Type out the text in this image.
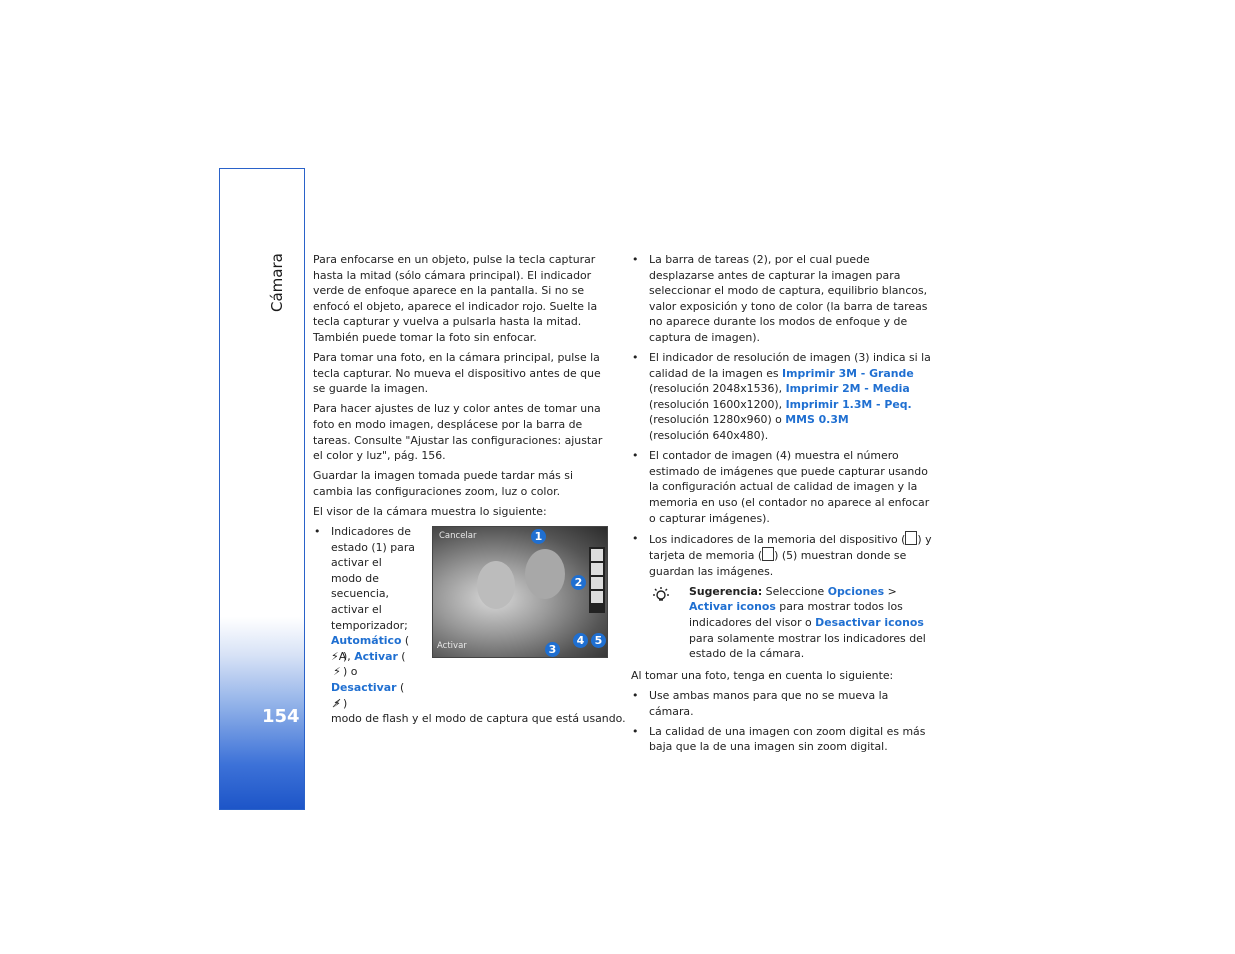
Cámara
154

Para enfocarse en un objeto, pulse la tecla capturar hasta la mitad (sólo cámara principal). El indicador verde de enfoque aparece en la pantalla. Si no se enfocó el objeto, aparece el indicador rojo. Suelte la tecla capturar y vuelva a pulsarla hasta la mitad. También puede tomar la foto sin enfocar.

Para tomar una foto, en la cámara principal, pulse la tecla capturar. No mueva el dispositivo antes de que se guarde la imagen.

Para hacer ajustes de luz y color antes de tomar una foto en modo imagen, desplácese por la barra de tareas. Consulte "Ajustar las configuraciones: ajustar el color y luz", pág. 156.

Guardar la imagen tomada puede tardar más si cambia las configuraciones zoom, luz o color.

El visor de la cámara muestra lo siguiente:

• Indicadores de estado (1) para activar el modo de secuencia, activar el temporizador; Automático (⚡A), Activar (⚡ ) o Desactivar (⚡̸ )
modo de flash y el modo de captura que está usando.
Cancelar
Activar
1
2
3
4 5
• La barra de tareas (2), por el cual puede desplazarse antes de capturar la imagen para seleccionar el modo de captura, equilibrio blancos, valor exposición y tono de color (la barra de tareas no aparece durante los modos de enfoque y de captura de imagen).
• El indicador de resolución de imagen (3) indica si la calidad de la imagen es Imprimir 3M - Grande
(resolución 2048x1536), Imprimir 2M - Media
(resolución 1600x1200), Imprimir 1.3M - Peq.
(resolución 1280x960) o MMS 0.3M
(resolución 640x480).
• El contador de imagen (4) muestra el número estimado de imágenes que puede capturar usando la configuración actual de calidad de imagen y la memoria en uso (el contador no aparece al enfocar o capturar imágenes).
• Los indicadores de la memoria del dispositivo ( ) y tarjeta de memoria ( ) (5) muestran donde se guardan las imágenes.
Sugerencia: Seleccione Opciones > Activar iconos para mostrar todos los indicadores del visor o Desactivar iconos para solamente mostrar los indicadores del estado de la cámara.

Al tomar una foto, tenga en cuenta lo siguiente:

• Use ambas manos para que no se mueva la cámara.
• La calidad de una imagen con zoom digital es más baja que la de una imagen sin zoom digital.
